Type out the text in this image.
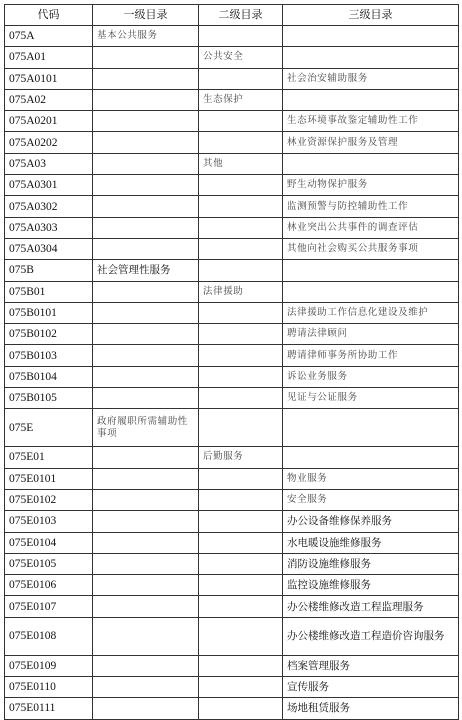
代码	一级目录	二级目录	三级目录
075A	基本公共服务		
075A01		公共安全	
075A0101			社会治安辅助服务
075A02		生态保护	
075A0201			生态环境事故鉴定辅助性工作
075A0202			林业资源保护服务及管理
075A03		其他	
075A0301			野生动物保护服务
075A0302			监测预警与防控辅助性工作
075A0303			林业突出公共事件的调查评估
075A0304			其他向社会购买公共服务事项
075B	社会管理性服务		
075B01		法律援助	
075B0101			法律援助工作信息化建设及维护
075B0102			聘请法律顾问
075B0103			聘请律师事务所协助工作
075B0104			诉讼业务服务
075B0105			见证与公证服务
075E	政府履职所需辅助性事项		
075E01		后勤服务	
075E0101			物业服务
075E0102			安全服务
075E0103			办公设备维修保养服务
075E0104			水电暖设施维修服务
075E0105			消防设施维修服务
075E0106			监控设施维修服务
075E0107			办公楼维修改造工程监理服务
075E0108			办公楼维修改造工程造价咨询服务
075E0109			档案管理服务
075E0110			宣传服务
075E0111			场地租赁服务
